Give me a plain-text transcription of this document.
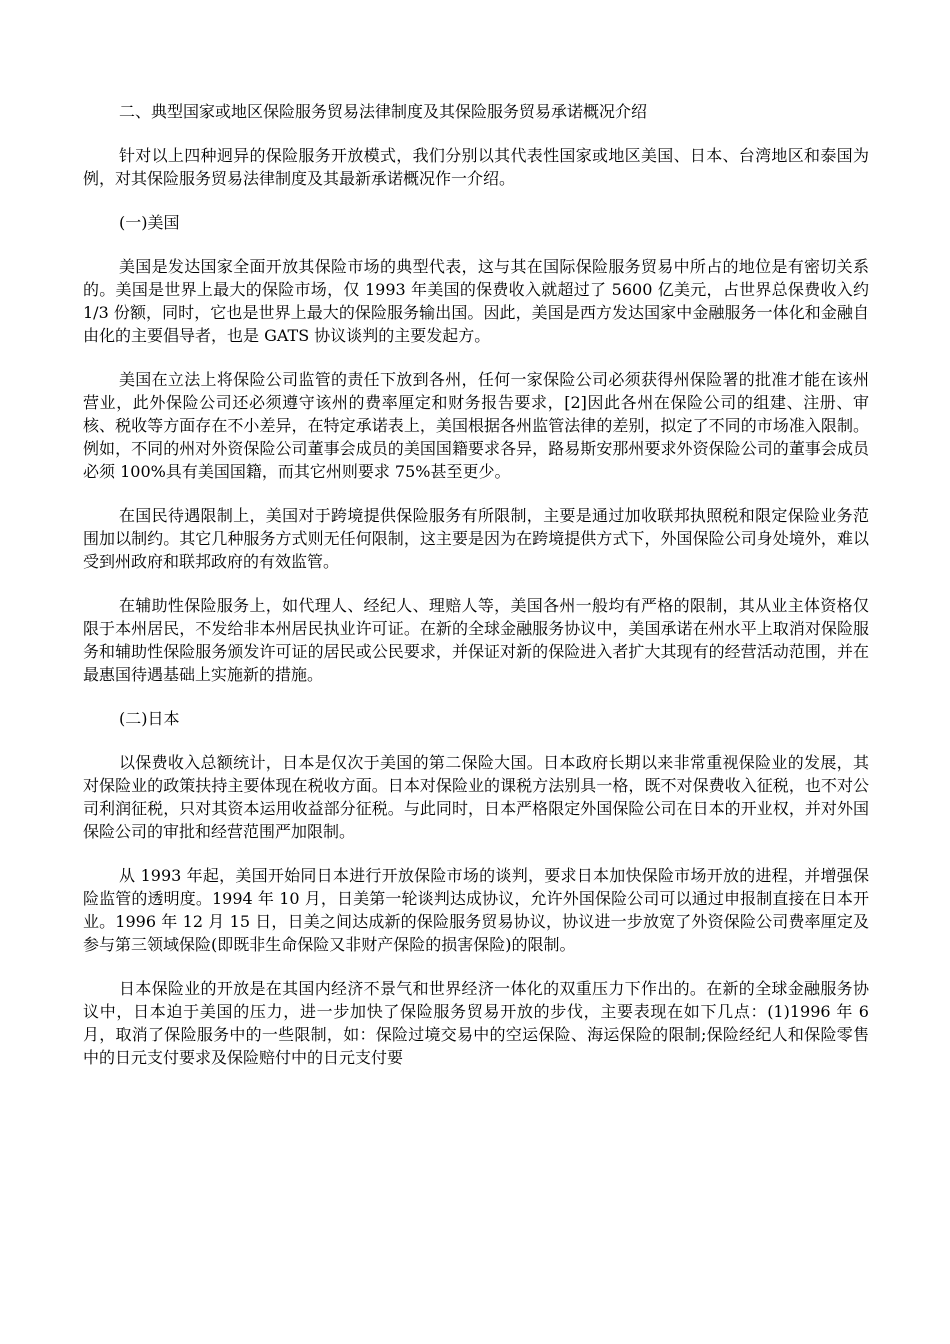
二、典型国家或地区保险服务贸易法律制度及其保险服务贸易承诺概况介绍

针对以上四种迥异的保险服务开放模式，我们分别以其代表性国家或地区美国、日本、台湾地区和泰国为例，对其保险服务贸易法律制度及其最新承诺概况作一介绍。

(一)美国

美国是发达国家全面开放其保险市场的典型代表，这与其在国际保险服务贸易中所占的地位是有密切关系的。美国是世界上最大的保险市场，仅 1993 年美国的保费收入就超过了 5600 亿美元，占世界总保费收入约 1/3 份额，同时，它也是世界上最大的保险服务输出国。因此，美国是西方发达国家中金融服务一体化和金融自由化的主要倡导者，也是 GATS 协议谈判的主要发起方。

美国在立法上将保险公司监管的责任下放到各州，任何一家保险公司必须获得州保险署的批准才能在该州营业，此外保险公司还必须遵守该州的费率厘定和财务报告要求，[2]因此各州在保险公司的组建、注册、审核、税收等方面存在不小差异，在特定承诺表上，美国根据各州监管法律的差别，拟定了不同的市场准入限制。例如，不同的州对外资保险公司董事会成员的美国国籍要求各异，路易斯安那州要求外资保险公司的董事会成员必须 100%具有美国国籍，而其它州则要求 75%甚至更少。

在国民待遇限制上，美国对于跨境提供保险服务有所限制，主要是通过加收联邦执照税和限定保险业务范围加以制约。其它几种服务方式则无任何限制，这主要是因为在跨境提供方式下，外国保险公司身处境外，难以受到州政府和联邦政府的有效监管。

在辅助性保险服务上，如代理人、经纪人、理赔人等，美国各州一般均有严格的限制，其从业主体资格仅限于本州居民，不发给非本州居民执业许可证。在新的全球金融服务协议中，美国承诺在州水平上取消对保险服务和辅助性保险服务颁发许可证的居民或公民要求，并保证对新的保险进入者扩大其现有的经营活动范围，并在最惠国待遇基础上实施新的措施。

(二)日本

以保费收入总额统计，日本是仅次于美国的第二保险大国。日本政府长期以来非常重视保险业的发展，其对保险业的政策扶持主要体现在税收方面。日本对保险业的课税方法别具一格，既不对保费收入征税，也不对公司利润征税，只对其资本运用收益部分征税。与此同时，日本严格限定外国保险公司在日本的开业权，并对外国保险公司的审批和经营范围严加限制。

从 1993 年起，美国开始同日本进行开放保险市场的谈判，要求日本加快保险市场开放的进程，并增强保险监管的透明度。1994 年 10 月，日美第一轮谈判达成协议，允许外国保险公司可以通过申报制直接在日本开业。1996 年 12 月 15 日，日美之间达成新的保险服务贸易协议，协议进一步放宽了外资保险公司费率厘定及参与第三领域保险(即既非生命保险又非财产保险的损害保险)的限制。

日本保险业的开放是在其国内经济不景气和世界经济一体化的双重压力下作出的。在新的全球金融服务协议中，日本迫于美国的压力，进一步加快了保险服务贸易开放的步伐，主要表现在如下几点：(1)1996 年 6 月，取消了保险服务中的一些限制，如：保险过境交易中的空运保险、海运保险的限制;保险经纪人和保险零售中的日元支付要求及保险赔付中的日元支付要
